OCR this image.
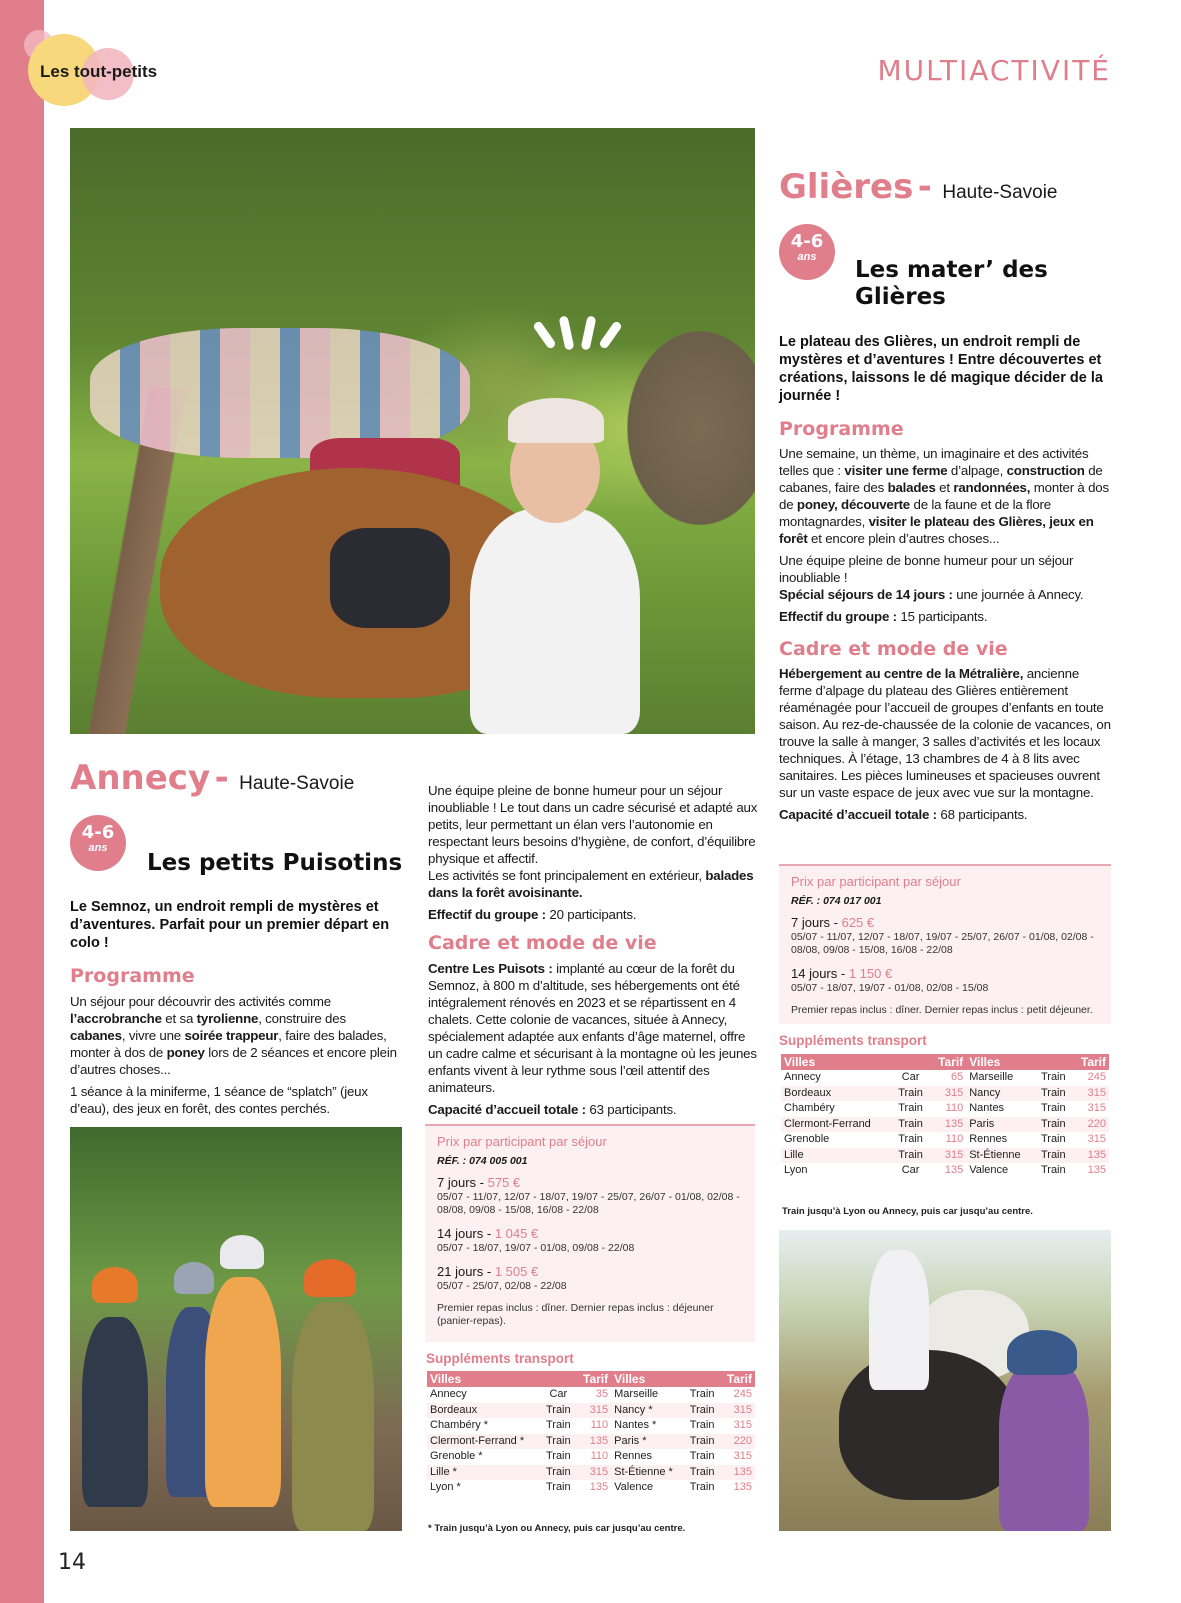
Les tout-petits	MULTIACTIVITÉ
Annecy - Haute-Savoie
4-6
ans
Les petits Puisotins
Le Semnoz, un endroit rempli de mystères et d’aventures. Parfait pour un premier départ en colo !
Programme

Un séjour pour découvrir des activités comme l’accrobranche et sa tyrolienne, construire des cabanes, vivre une soirée trappeur, faire des balades, monter à dos de poney lors de 2 séances et encore plein d’autres choses...

1 séance à la miniferme, 1 séance de “splatch” (jeux d’eau), des jeux en forêt, des contes perchés.

Une équipe pleine de bonne humeur pour un séjour inoubliable ! Le tout dans un cadre sécurisé et adapté aux petits, leur permettant un élan vers l’autonomie en respectant leurs besoins d’hygiène, de confort, d’équilibre physique et affectif.
Les activités se font principalement en extérieur, balades dans la forêt avoisinante.

Effectif du groupe : 20 participants.

Cadre et mode de vie

Centre Les Puisots : implanté au cœur de la forêt du Semnoz, à 800 m d’altitude, ses hébergements ont été intégralement rénovés en 2023 et se répartissent en 4 chalets. Cette colonie de vacances, située à Annecy, spécialement adaptée aux enfants d’âge maternel, offre un cadre calme et sécurisant à la montagne où les jeunes enfants vivent à leur rythme sous l’œil attentif des animateurs.

Capacité d’accueil totale : 63 participants.

Prix par participant par séjour
RÉF. : 074 005 001
7 jours - 575 €
05/07 - 11/07, 12/07 - 18/07, 19/07 - 25/07, 26/07 - 01/08, 02/08 - 08/08, 09/08 - 15/08, 16/08 - 22/08
14 jours - 1 045 €
05/07 - 18/07, 19/07 - 01/08, 09/08 - 22/08
21 jours - 1 505 €
05/07 - 25/07, 02/08 - 22/08
Premier repas inclus : dîner. Dernier repas inclus : déjeuner (panier-repas).
Suppléments transport
Villes		Tarif	Villes		Tarif
Annecy	Car	35	Marseille	Train	245
Bordeaux	Train	315	Nancy *	Train	315
Chambéry *	Train	110	Nantes *	Train	315
Clermont-Ferrand *	Train	135	Paris *	Train	220
Grenoble *	Train	110	Rennes	Train	315
Lille *	Train	315	St-Étienne *	Train	135
Lyon *	Train	135	Valence	Train	135
* Train jusqu’à Lyon ou Annecy, puis car jusqu’au centre.
Glières - Haute-Savoie
4-6
ans	Les mater’ des Glières
Le plateau des Glières, un endroit rempli de mystères et d’aventures ! Entre découvertes et créations, laissons le dé magique décider de la journée !
Programme

Une semaine, un thème, un imaginaire et des activités telles que : visiter une ferme d’alpage, construction de cabanes, faire des balades et randonnées, monter à dos de poney, découverte de la faune et de la flore montagnardes, visiter le plateau des Glières, jeux en forêt et encore plein d’autres choses...

Une équipe pleine de bonne humeur pour un séjour inoubliable !
Spécial séjours de 14 jours : une journée à Annecy.

Effectif du groupe : 15 participants.

Cadre et mode de vie

Hébergement au centre de la Métralière, ancienne ferme d’alpage du plateau des Glières entièrement réaménagée pour l’accueil de groupes d’enfants en toute saison. Au rez-de-chaussée de la colonie de vacances, on trouve la salle à manger, 3 salles d’activités et les locaux techniques. À l’étage, 13 chambres de 4 à 8 lits avec sanitaires. Les pièces lumineuses et spacieuses ouvrent sur un vaste espace de jeux avec vue sur la montagne.

Capacité d’accueil totale : 68 participants.

Prix par participant par séjour
RÉF. : 074 017 001
7 jours - 625 €
05/07 - 11/07, 12/07 - 18/07, 19/07 - 25/07, 26/07 - 01/08, 02/08 - 08/08, 09/08 - 15/08, 16/08 - 22/08
14 jours - 1 150 €
05/07 - 18/07, 19/07 - 01/08, 02/08 - 15/08
Premier repas inclus : dîner. Dernier repas inclus : petit déjeuner.
Suppléments transport
Villes		Tarif	Villes		Tarif
Annecy	Car	65	Marseille	Train	245
Bordeaux	Train	315	Nancy	Train	315
Chambéry	Train	110	Nantes	Train	315
Clermont-Ferrand	Train	135	Paris	Train	220
Grenoble	Train	110	Rennes	Train	315
Lille	Train	315	St-Étienne	Train	135
Lyon	Car	135	Valence	Train	135
Train jusqu’à Lyon ou Annecy, puis car jusqu’au centre.
14
